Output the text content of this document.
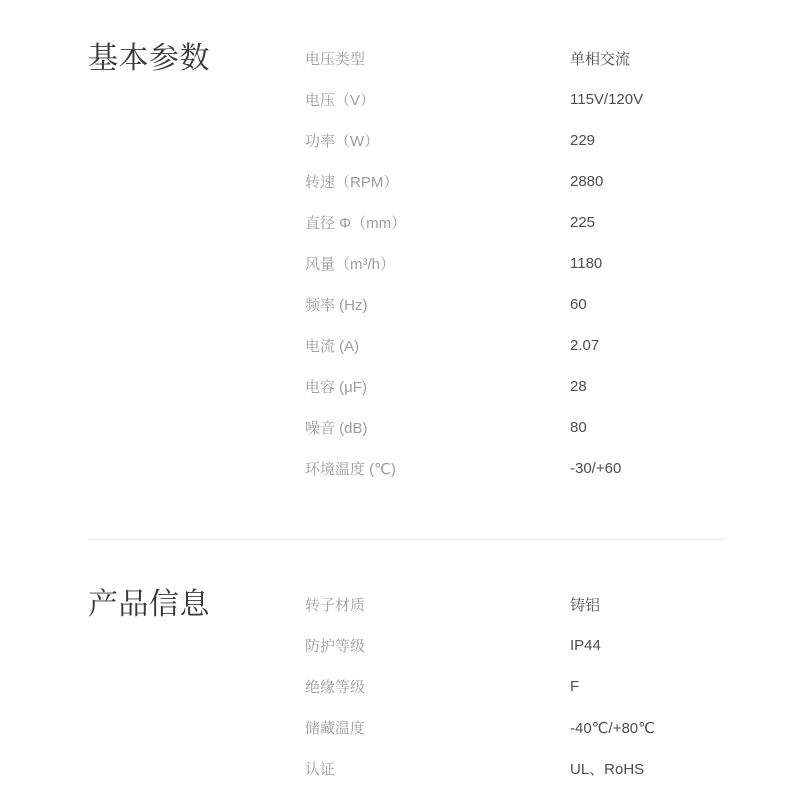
基本参数	电压类型	单相交流
电压（V）	115V/120V
功率（W）	229
转速（RPM）	2880
直径 Φ（mm）	225
风量（m³/h）	1180
频率 (Hz)	60
电流 (A)	2.07
电容 (μF)	28
噪音 (dB)	80
环境温度 (℃)	-30/+60
产品信息	转子材质	铸铝
防护等级	IP44
绝缘等级	F
储藏温度	-40℃/+80℃
认证	UL、RoHS
